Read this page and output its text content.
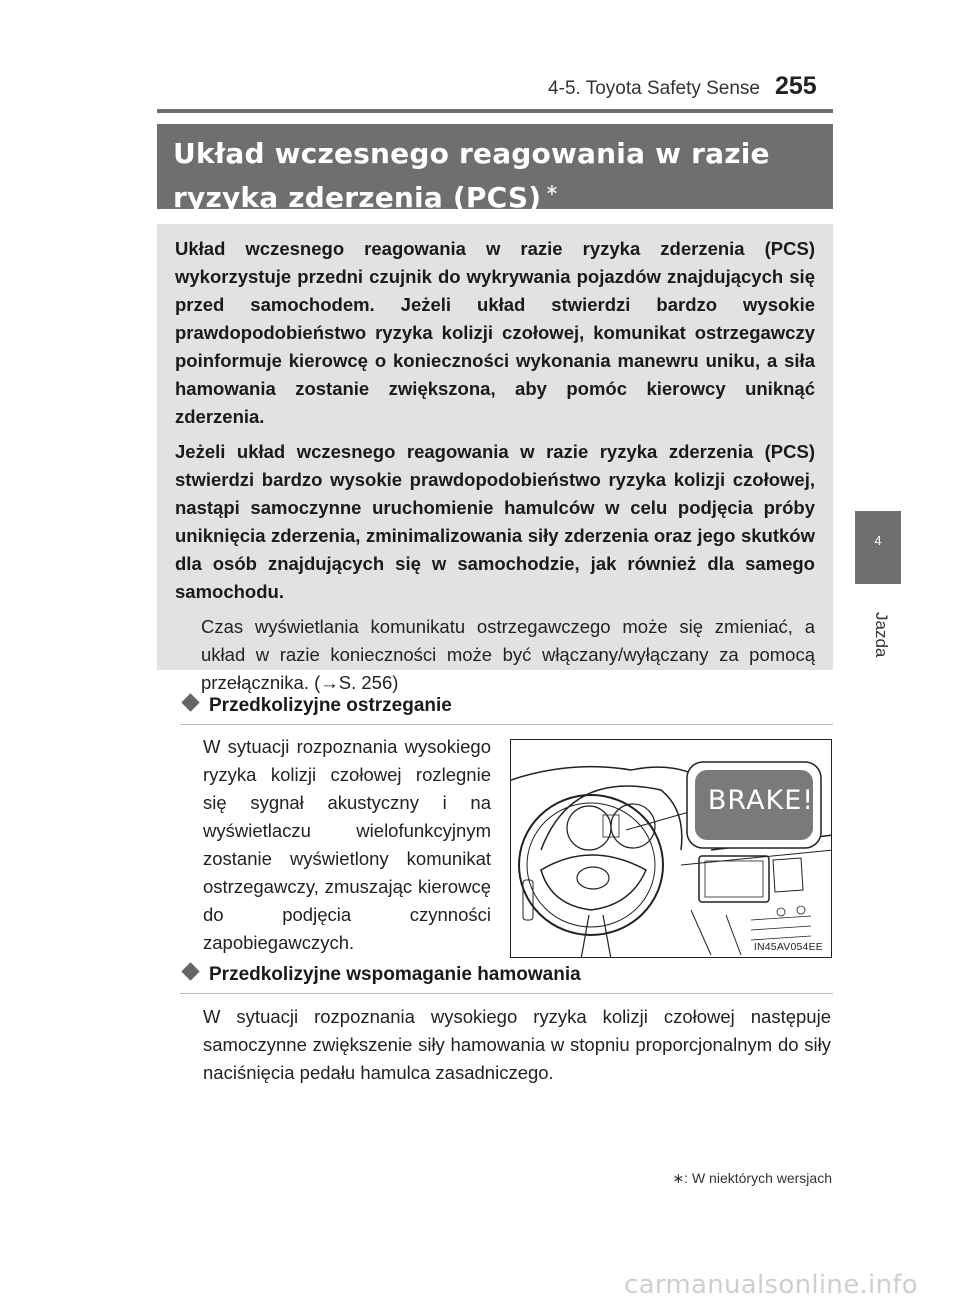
4-5. Toyota Safety Sense 255
Układ wczesnego reagowania w razie ryzyka zderzenia (PCS) ∗

Układ wczesnego reagowania w razie ryzyka zderzenia (PCS) wykorzystuje przedni czujnik do wykrywania pojazdów znajdujących się przed samochodem. Jeżeli układ stwierdzi bardzo wysokie prawdopodobieństwo ryzyka kolizji czołowej, komunikat ostrzegawczy poinformuje kierowcę o konieczności wykonania manewru uniku, a siła hamowania zostanie zwiększona, aby pomóc kierowcy uniknąć zderzenia.

Jeżeli układ wczesnego reagowania w razie ryzyka zderzenia (PCS) stwierdzi bardzo wysokie prawdopodobieństwo ryzyka kolizji czołowej, nastąpi samoczynne uruchomienie hamulców w celu podjęcia próby uniknięcia zderzenia, zminimalizowania siły zderzenia oraz jego skutków dla osób znajdujących się w samochodzie, jak również dla samego samochodu.

Czas wyświetlania komunikatu ostrzegawczego może się zmieniać, a układ w razie konieczności może być włączany/wyłączany za pomocą przełącznika. (→S. 256)

Przedkolizyjne ostrzeganie
W sytuacji rozpoznania wysokiego ryzyka kolizji czołowej rozlegnie się sygnał akustyczny i na wyświetlaczu wielofunkcyjnym zostanie wyświetlony komunikat ostrzegawczy, zmuszając kierowcę do podjęcia czynności zapobiegawczych.
BRAKE!
IN45AV054EE
Przedkolizyjne wspomaganie hamowania
W sytuacji rozpoznania wysokiego ryzyka kolizji czołowej następuje samoczynne zwiększenie siły hamowania w stopniu proporcjonalnym do siły naciśnięcia pedału hamulca zasadniczego.
4
Jazda
∗: W niektórych wersjach
carmanualsonline.info
